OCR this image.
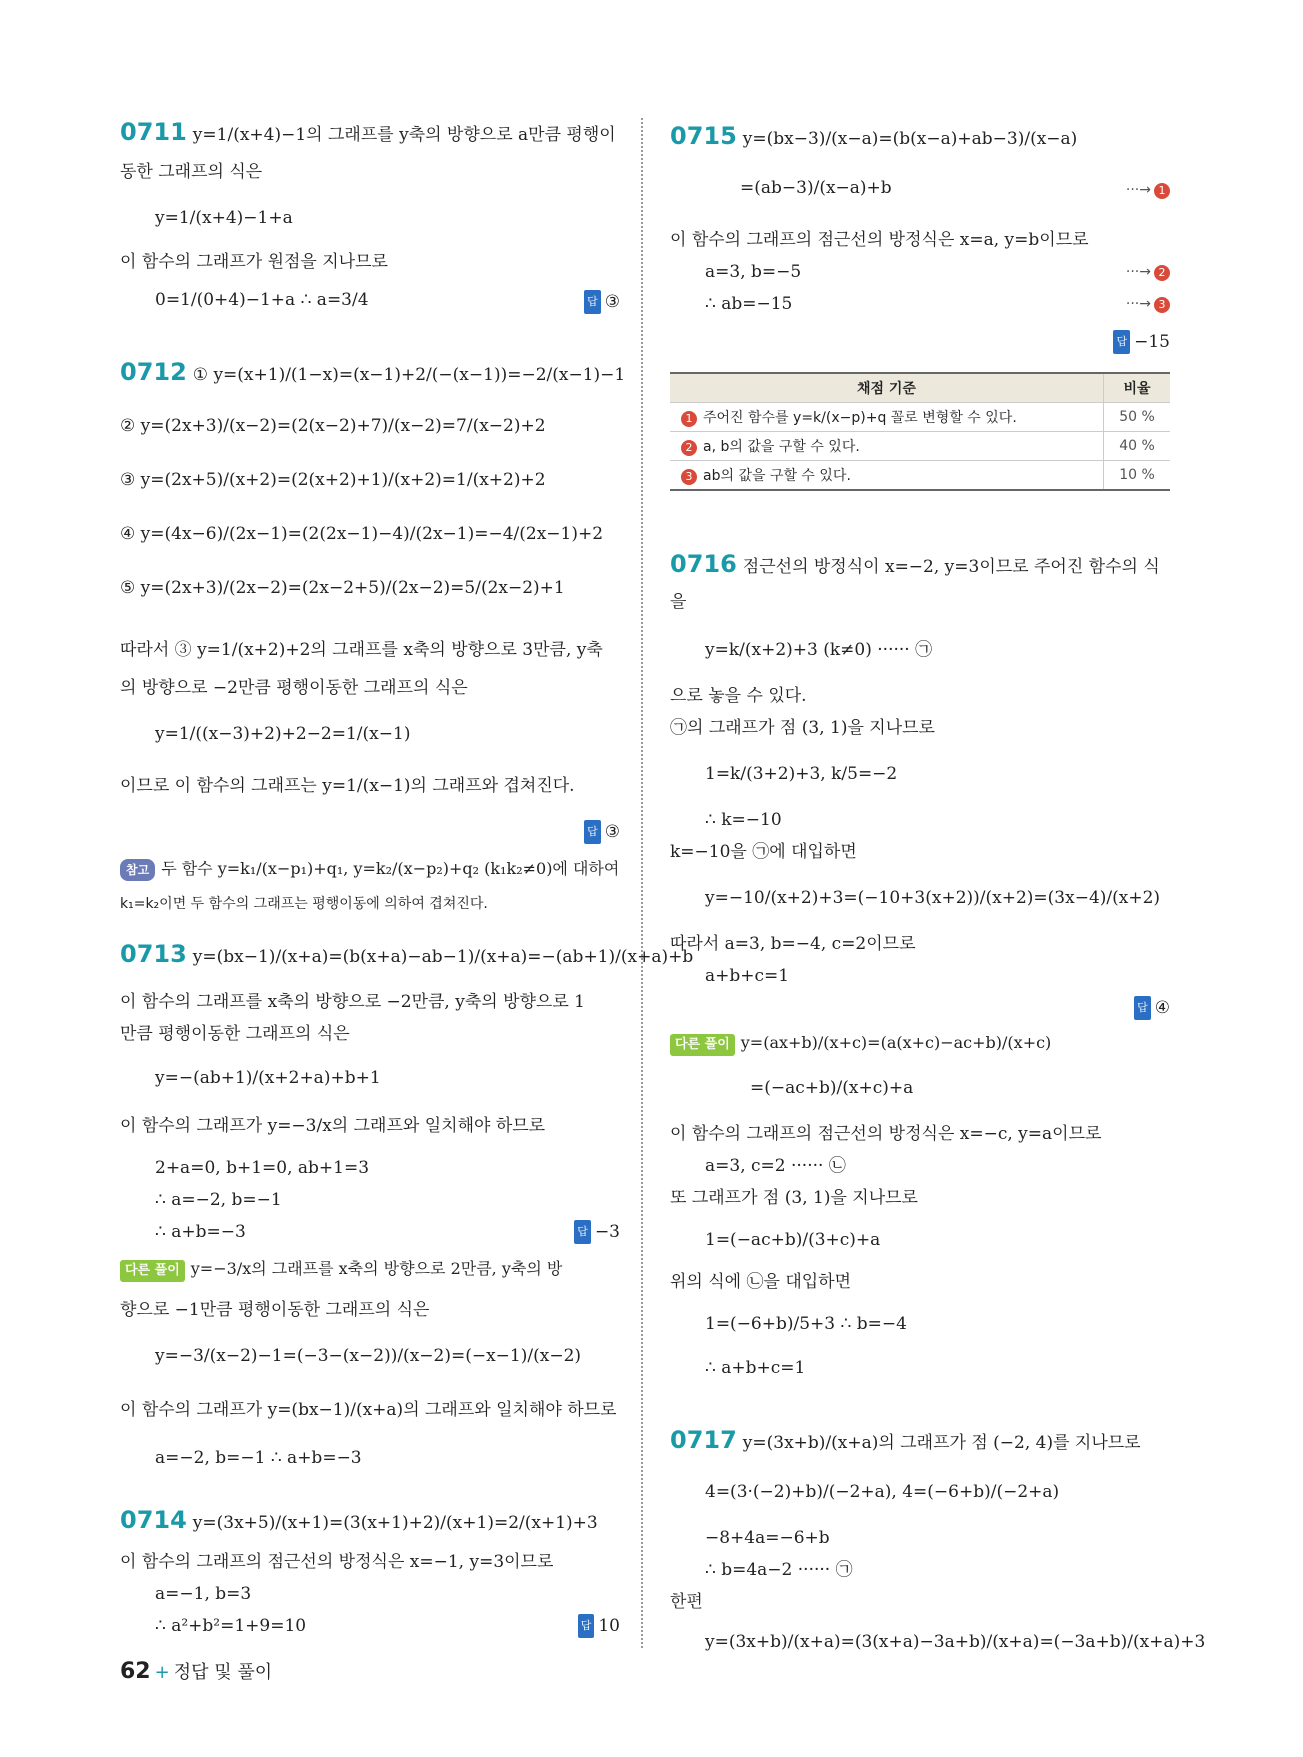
0711 y=1/(x+4)−1의 그래프를 y축의 방향으로 a만큼 평행이
동한 그래프의 식은
y=1/(x+4)−1+a
이 함수의 그래프가 원점을 지나므로
0=1/(0+4)−1+a ∴ a=3/4	답 ③
0712 ① y=(x+1)/(1−x)=(x−1)+2/(−(x−1))=−2/(x−1)−1
② y=(2x+3)/(x−2)=(2(x−2)+7)/(x−2)=7/(x−2)+2
③ y=(2x+5)/(x+2)=(2(x+2)+1)/(x+2)=1/(x+2)+2
④ y=(4x−6)/(2x−1)=(2(2x−1)−4)/(2x−1)=−4/(2x−1)+2
⑤ y=(2x+3)/(2x−2)=(2x−2+5)/(2x−2)=5/(2x−2)+1
따라서 ③ y=1/(x+2)+2의 그래프를 x축의 방향으로 3만큼, y축
의 방향으로 −2만큼 평행이동한 그래프의 식은
y=1/((x−3)+2)+2−2=1/(x−1)
이므로 이 함수의 그래프는 y=1/(x−1)의 그래프와 겹쳐진다.
답 ③
참고 두 함수 y=k₁/(x−p₁)+q₁, y=k₂/(x−p₂)+q₂ (k₁k₂≠0)에 대하여
k₁=k₂이면 두 함수의 그래프는 평행이동에 의하여 겹쳐진다.
0713 y=(bx−1)/(x+a)=(b(x+a)−ab−1)/(x+a)=−(ab+1)/(x+a)+b
이 함수의 그래프를 x축의 방향으로 −2만큼, y축의 방향으로 1
만큼 평행이동한 그래프의 식은
y=−(ab+1)/(x+2+a)+b+1
이 함수의 그래프가 y=−3/x의 그래프와 일치해야 하므로
2+a=0, b+1=0, ab+1=3
∴ a=−2, b=−1
∴ a+b=−3	답 −3
다른 풀이 y=−3/x의 그래프를 x축의 방향으로 2만큼, y축의 방
향으로 −1만큼 평행이동한 그래프의 식은
y=−3/(x−2)−1=(−3−(x−2))/(x−2)=(−x−1)/(x−2)
이 함수의 그래프가 y=(bx−1)/(x+a)의 그래프와 일치해야 하므로
a=−2, b=−1 ∴ a+b=−3
0714 y=(3x+5)/(x+1)=(3(x+1)+2)/(x+1)=2/(x+1)+3
이 함수의 그래프의 점근선의 방정식은 x=−1, y=3이므로
a=−1, b=3
∴ a²+b²=1+9=10	답 10
0715 y=(bx−3)/(x−a)=(b(x−a)+ab−3)/(x−a)
=(ab−3)/(x−a)+b	···→ 1
이 함수의 그래프의 점근선의 방정식은 x=a, y=b이므로
a=3, b=−5	···→ 2
∴ ab=−15	···→ 3
답 −15
0716 점근선의 방정식이 x=−2, y=3이므로 주어진 함수의 식
을
y=k/(x+2)+3 (k≠0) ······ ㉠
으로 놓을 수 있다.
㉠의 그래프가 점 (3, 1)을 지나므로
1=k/(3+2)+3, k/5=−2
∴ k=−10
k=−10을 ㉠에 대입하면
y=−10/(x+2)+3=(−10+3(x+2))/(x+2)=(3x−4)/(x+2)
따라서 a=3, b=−4, c=2이므로
a+b+c=1
답 ④
다른 풀이 y=(ax+b)/(x+c)=(a(x+c)−ac+b)/(x+c)
=(−ac+b)/(x+c)+a
이 함수의 그래프의 점근선의 방정식은 x=−c, y=a이므로
a=3, c=2 ······ ㉡
또 그래프가 점 (3, 1)을 지나므로
1=(−ac+b)/(3+c)+a
위의 식에 ㉡을 대입하면
1=(−6+b)/5+3 ∴ b=−4
∴ a+b+c=1
0717 y=(3x+b)/(x+a)의 그래프가 점 (−2, 4)를 지나므로
4=(3·(−2)+b)/(−2+a), 4=(−6+b)/(−2+a)
−8+4a=−6+b
∴ b=4a−2 ······ ㉠
한편
y=(3x+b)/(x+a)=(3(x+a)−3a+b)/(x+a)=(−3a+b)/(x+a)+3
채점 기준	비율
1 주어진 함수를 y=k/(x−p)+q 꼴로 변형할 수 있다.	50 %
2 a, b의 값을 구할 수 있다.	40 %
3 ab의 값을 구할 수 있다.	10 %
62 + 정답 및 풀이
